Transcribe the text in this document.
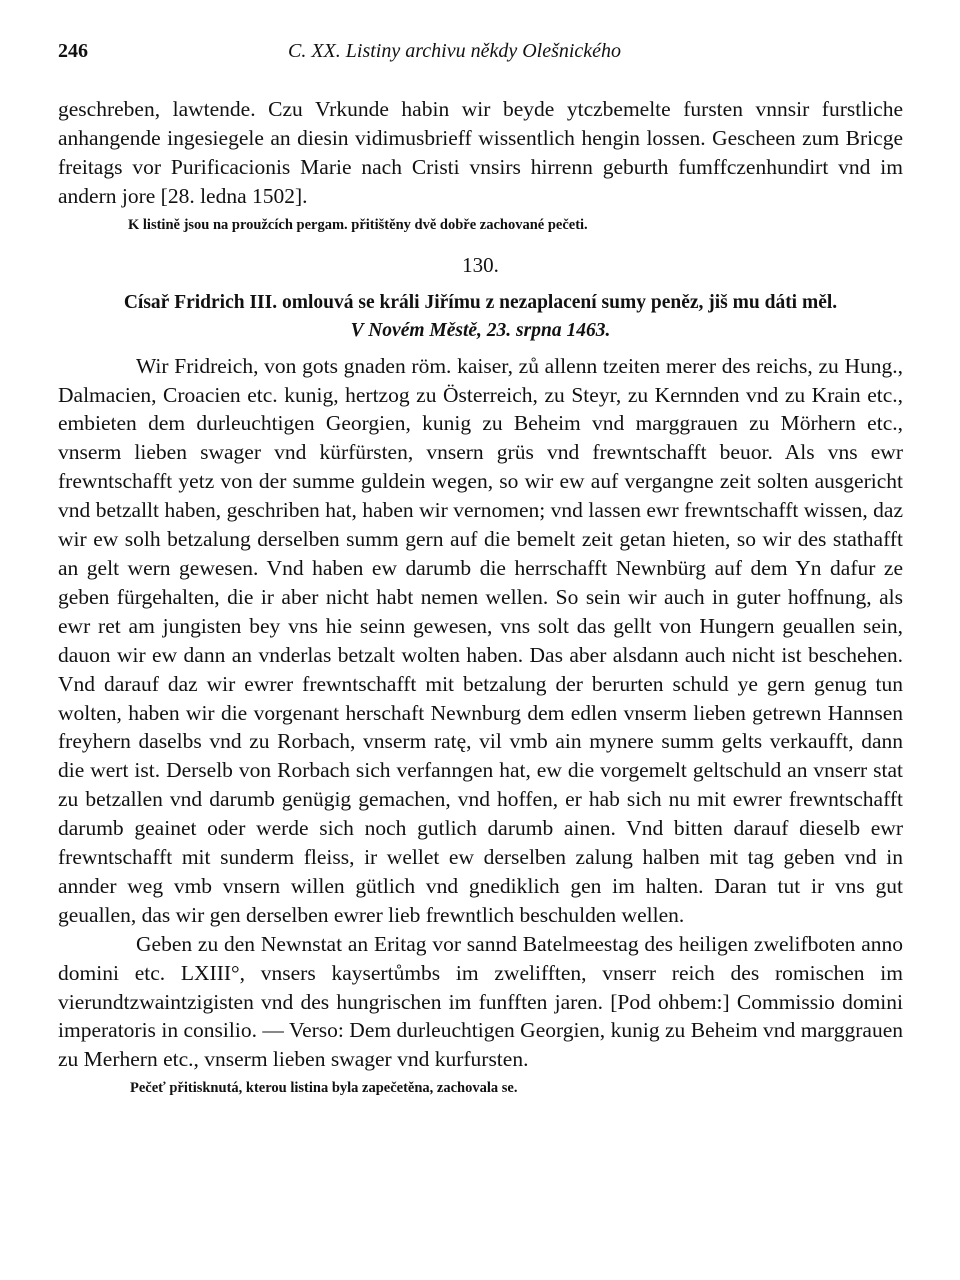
246	C. XX. Listiny archivu někdy Olešnického

geschreben, lawtende. Czu Vrkunde habin wir beyde ytczbemelte fursten vnnsir furstliche anhangende ingesiegele an diesin vidimusbrieff wissentlich hengin lossen. Gescheen zum Bricge freitags vor Purificacionis Marie nach Cristi vnsirs hirrenn geburth fumffczenhundirt vnd im andern jore [28. ledna 1502].

K listině jsou na proužcích pergam. přitištěny dvě dobře zachované pečeti.
130.
Císař Fridrich III. omlouvá se králi Jiřímu z nezaplacení sumy peněz, jiš mu dáti měl.
V Novém Městě, 23. srpna 1463.

Wir Fridreich, von gots gnaden röm. kaiser, zů allenn tzeiten merer des reichs, zu Hung., Dalmacien, Croacien etc. kunig, hertzog zu Österreich, zu Steyr, zu Kernnden vnd zu Krain etc., embieten dem durleuchtigen Georgien, kunig zu Beheim vnd marggrauen zu Mörhern etc., vnserm lieben swager vnd kürfürsten, vnsern grüs vnd frewntschafft beuor. Als vns ewr frewntschafft yetz von der summe guldein wegen, so wir ew auf vergangne zeit solten ausgericht vnd betzallt haben, geschriben hat, haben wir vernomen; vnd lassen ewr frewntschafft wissen, daz wir ew solh betzalung derselben summ gern auf die bemelt zeit getan hieten, so wir des stathafft an gelt wern gewesen. Vnd haben ew darumb die herrschafft Newnbürg auf dem Yn dafur ze geben fürgehalten, die ir aber nicht habt nemen wellen. So sein wir auch in guter hoffnung, als ewr ret am jungisten bey vns hie seinn gewesen, vns solt das gellt von Hungern geuallen sein, dauon wir ew dann an vnderlas betzalt wolten haben. Das aber alsdann auch nicht ist beschehen. Vnd darauf daz wir ewrer frewntschafft mit betzalung der berurten schuld ye gern genug tun wolten, haben wir die vorgenant herschaft Newnburg dem edlen vnserm lieben getrewn Hannsen freyhern daselbs vnd zu Rorbach, vnserm ratę, vil vmb ain mynere summ gelts verkaufft, dann die wert ist. Derselb von Rorbach sich verfanngen hat, ew die vorgemelt geltschuld an vnserr stat zu betzallen vnd darumb genügig gemachen, vnd hoffen, er hab sich nu mit ewrer frewntschafft darumb geainet oder werde sich noch gutlich darumb ainen. Vnd bitten darauf dieselb ewr frewntschafft mit sunderm fleiss, ir wellet ew derselben zalung halben mit tag geben vnd in annder weg vmb vnsern willen gütlich vnd gnediklich gen im halten. Daran tut ir vns gut geuallen, das wir gen derselben ewrer lieb frewntlich beschulden wellen.

Geben zu den Newnstat an Eritag vor sannd Batelmeestag des heiligen zwelifboten anno domini etc. LXIII°, vnsers kaysertůmbs im zwelifften, vnserr reich des romischen im vierundtzwaintzigisten vnd des hungrischen im funfften jaren. [Pod ohbem:] Commissio domini imperatoris in consilio. — Verso: Dem durleuchtigen Georgien, kunig zu Beheim vnd marggrauen zu Merhern etc., vnserm lieben swager vnd kurfursten.

Pečeť přitisknutá, kterou listina byla zapečetěna, zachovala se.
